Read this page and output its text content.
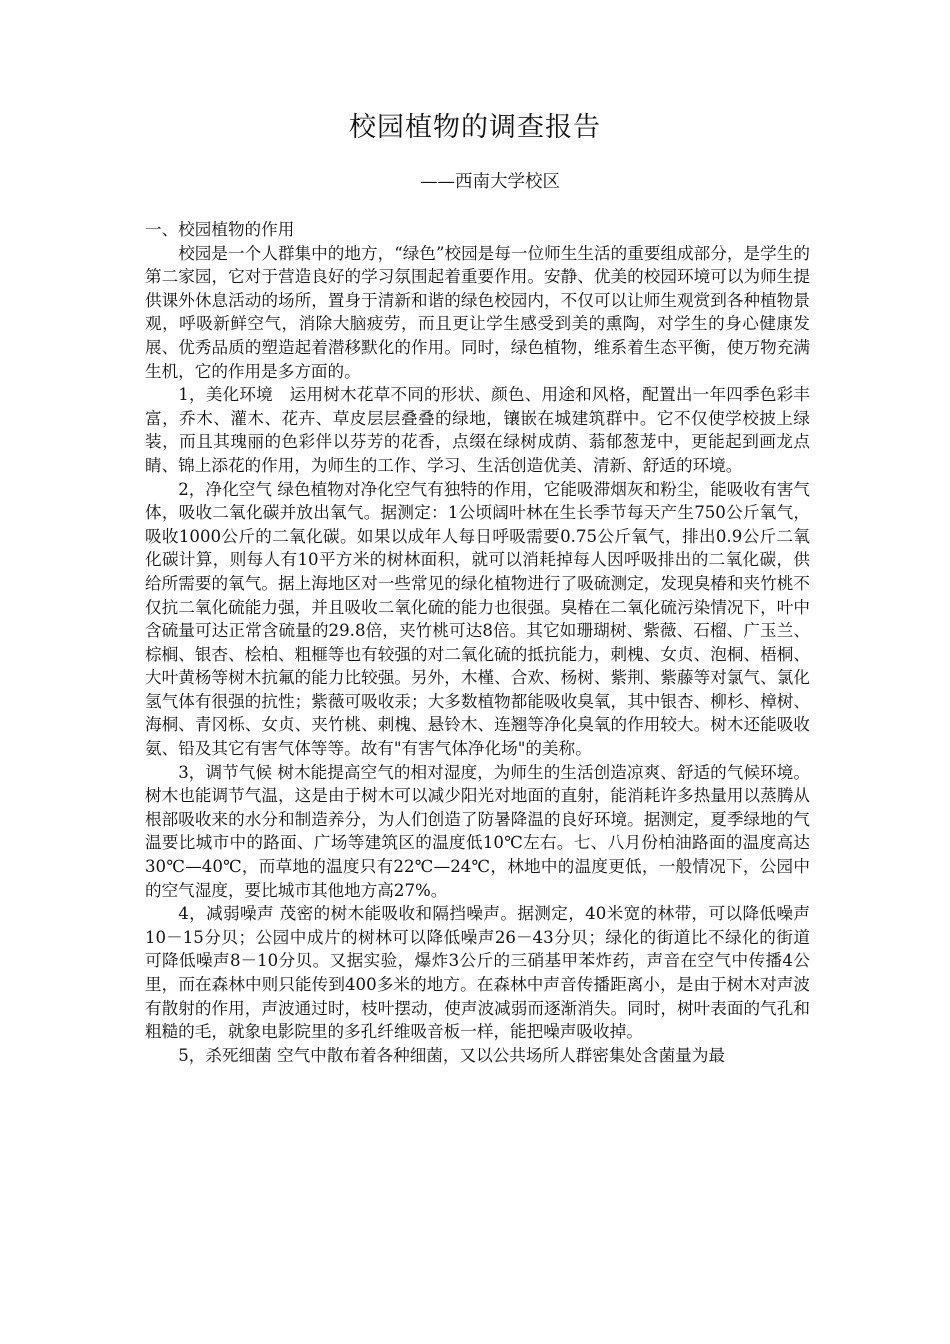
校园植物的调查报告
——西南大学校区

一、校园植物的作用

校园是一个人群集中的地方，“绿色”校园是每一位师生生活的重要组成部分，是学生的第二家园，它对于营造良好的学习氛围起着重要作用。安静、优美的校园环境可以为师生提供课外休息活动的场所，置身于清新和谐的绿色校园内，不仅可以让师生观赏到各种植物景观，呼吸新鲜空气，消除大脑疲劳，而且更让学生感受到美的熏陶，对学生的身心健康发展、优秀品质的塑造起着潜移默化的作用。同时，绿色植物，维系着生态平衡，使万物充满生机，它的作用是多方面的。

1，美化环境　运用树木花草不同的形状、颜色、用途和风格，配置出一年四季色彩丰富，乔木、灌木、花卉、草皮层层叠叠的绿地，镶嵌在城建筑群中。它不仅使学校披上绿装，而且其瑰丽的色彩伴以芬芳的花香，点缀在绿树成荫、蓊郁葱茏中，更能起到画龙点睛、锦上添花的作用，为师生的工作、学习、生活创造优美、清新、舒适的环境。

2，净化空气 绿色植物对净化空气有独特的作用，它能吸滞烟灰和粉尘，能吸收有害气体，吸收二氧化碳并放出氧气。据测定：1公顷阔叶林在生长季节每天产生750公斤氧气，吸收1000公斤的二氧化碳。如果以成年人每日呼吸需要0.75公斤氧气，排出0.9公斤二氧化碳计算，则每人有10平方米的树林面积，就可以消耗掉每人因呼吸排出的二氧化碳，供给所需要的氧气。据上海地区对一些常见的绿化植物进行了吸硫测定，发现臭椿和夹竹桃不仅抗二氧化硫能力强，并且吸收二氧化硫的能力也很强。臭椿在二氧化硫污染情况下，叶中含硫量可达正常含硫量的29.8倍，夹竹桃可达8倍。其它如珊瑚树、紫薇、石榴、广玉兰、棕榈、银杏、桧柏、粗榧等也有较强的对二氧化硫的抵抗能力，刺槐、女贞、泡桐、梧桐、大叶黄杨等树木抗氟的能力比较强。另外，木槿、合欢、杨树、紫荆、紫藤等对氯气、氯化氢气体有很强的抗性；紫薇可吸收汞；大多数植物都能吸收臭氧，其中银杏、柳杉、樟树、海桐、青冈栎、女贞、夹竹桃、刺槐、悬铃木、连翘等净化臭氧的作用较大。树木还能吸收氨、铅及其它有害气体等等。故有"有害气体净化场"的美称。

3，调节气候 树木能提高空气的相对湿度，为师生的生活创造凉爽、舒适的气候环境。树木也能调节气温，这是由于树木可以减少阳光对地面的直射，能消耗许多热量用以蒸腾从根部吸收来的水分和制造养分，为人们创造了防暑降温的良好环境。据测定，夏季绿地的气温要比城市中的路面、广场等建筑区的温度低10℃左右。七、八月份柏油路面的温度高达30℃—40℃，而草地的温度只有22℃—24℃，林地中的温度更低，一般情况下，公园中的空气湿度，要比城市其他地方高27%。

4，减弱噪声 茂密的树木能吸收和隔挡噪声。据测定，40米宽的林带，可以降低噪声10－15分贝；公园中成片的树林可以降低噪声26－43分贝；绿化的街道比不绿化的街道可降低噪声8－10分贝。又据实验，爆炸3公斤的三硝基甲苯炸药，声音在空气中传播4公里，而在森林中则只能传到400多米的地方。在森林中声音传播距离小，是由于树木对声波有散射的作用，声波通过时，枝叶摆动，使声波减弱而逐渐消失。同时，树叶表面的气孔和粗糙的毛，就象电影院里的多孔纤维吸音板一样，能把噪声吸收掉。

5，杀死细菌 空气中散布着各种细菌，又以公共场所人群密集处含菌量为最
